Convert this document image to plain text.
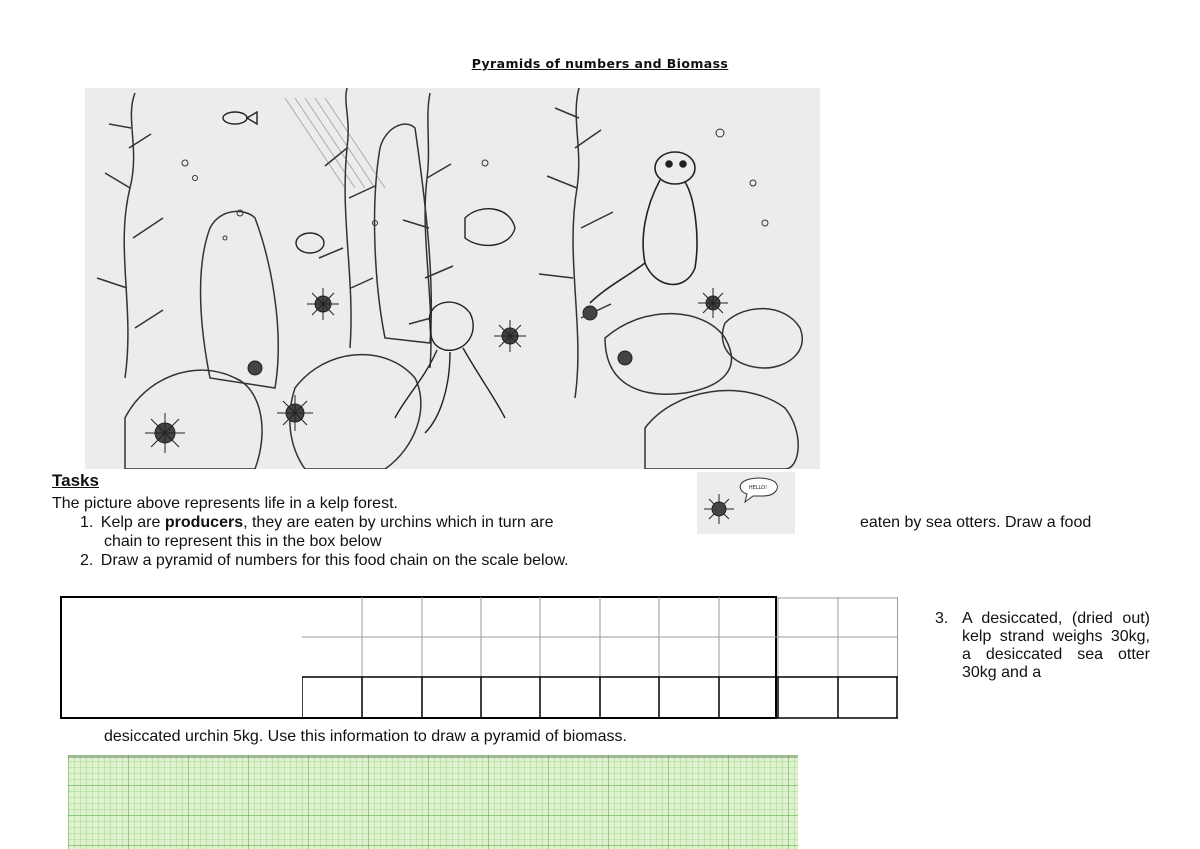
Pyramids of numbers and Biomass
Tasks
The picture above represents life in a kelp forest.
1. Kelp are producers, they are eaten by urchins which in turn are	eaten by sea otters. Draw a food
chain to represent this in the box below
HELLO!
2. Draw a pyramid of numbers for this food chain on the scale below.
3. A desiccated, (dried out) kelp strand weighs 30kg, a desiccated sea otter 30kg and a
desiccated urchin 5kg. Use this information to draw a pyramid of biomass.
